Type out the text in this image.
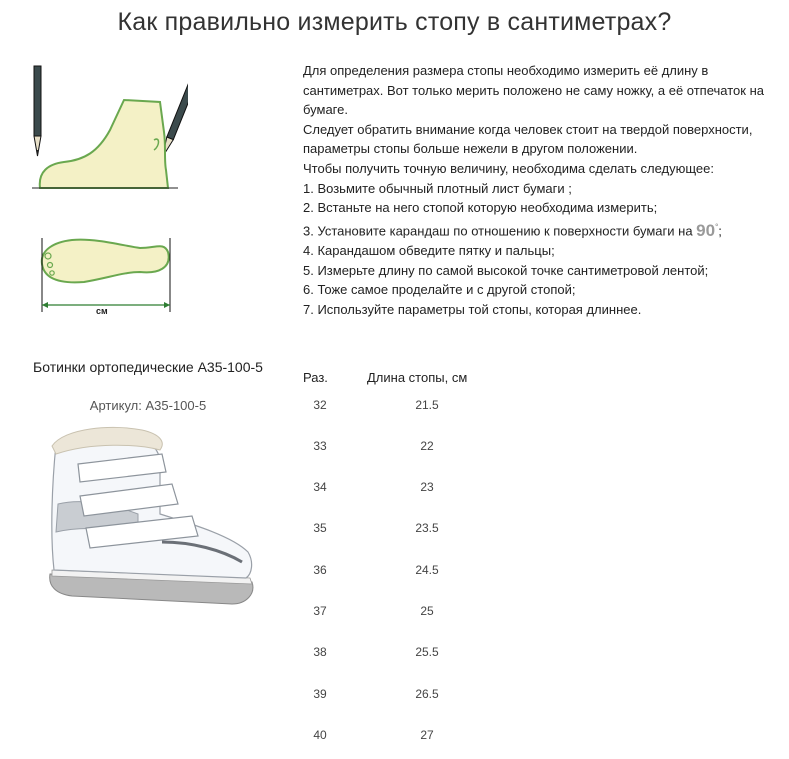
Как правильно измерить стопу в сантиметрах?
см

Для определения размера стопы необходимо измерить её длину в сантиметрах. Вот только мерить положено не саму ножку, а её отпечаток на бумаге.

Следует обратить внимание когда человек стоит на твердой поверхности, параметры стопы больше нежели в другом положении.

Чтобы получить точную величину, необходима сделать следующее:

1. Возьмите обычный плотный лист бумаги ;

2. Встаньте на него стопой которую необходима измерить;

3. Установите карандаш по отношению к поверхности бумаги на 90°;

4. Карандашом обведите пятку и пальцы;

5. Измерьте длину по самой высокой точке сантиметровой лентой;

6. Тоже самое проделайте и с другой стопой;

7. Используйте параметры той стопы, которая длиннее.

Ботинки ортопедические А35-100-5
Артикул: А35-100-5
Раз.	Длина стопы, см
32	21.5
33	22
34	23
35	23.5
36	24.5
37	25
38	25.5
39	26.5
40	27
